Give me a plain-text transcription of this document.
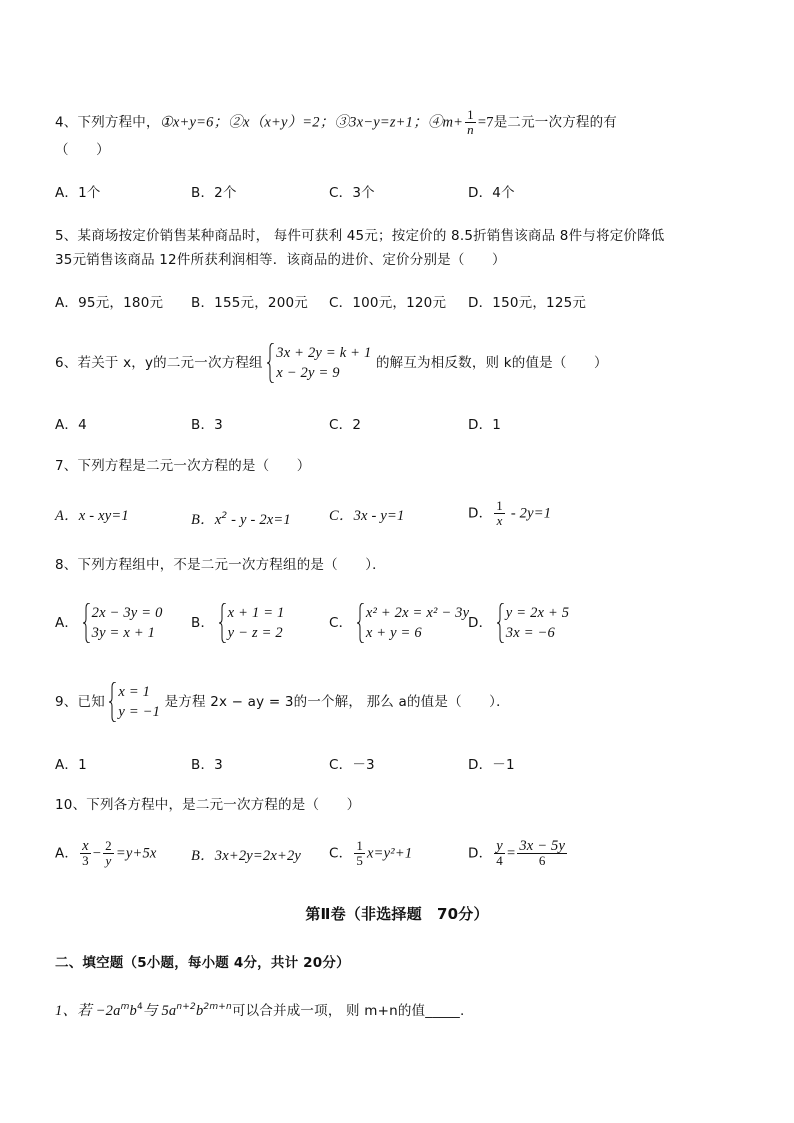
4、下列方程中，①x+y=6；②x（x+y）=2；③3x−y=z+1；④m+ $\frac{1}{n} =7$是二元一次方程的有
（　　）
A．1个	B．2个	C．3个	D．4个
5、某商场按定价销售某种商品时， 每件可获利 45元；按定价的 8.5折销售该商品 8件与将定价降低
35元销售该商品 12件所获利润相等．该商品的进价、定价分别是（　　）
A．95元，180元 B．155元，200元 C．100元，120元 D．150元，125元
6、若关于 x，y的二元一次方程组
3x + 2y = k + 1
x − 2y = 9
的解互为相反数，则 k的值是（　　）
A．4	B．3	C．2	D．1
7、下列方程是二元一次方程的是（　　）
A．x - xy=1	B．$x^2 - y - 2x=1$	C．3x - y=1	D． $\frac{1}{x} - 2y=1$
8、下列方程组中，不是二元一次方程组的是（　　）．
A．
2x − 3y = 0
3y = x + 1
B．
x + 1 = 1
y − z = 2
C．
x² + 2x = x² − 3y
x + y = 6
D．
y = 2x + 5
3x = −6
9、已知
x = 1
y = −1
是方程 2x − ay = 3的一个解， 那么 a的值是（　　）．
A．1	B．3	C．－3	D．－1
10、下列各方程中，是二元一次方程的是（　　）
A． $\frac{x}{3} - \frac{2}{y} =y+5x$ B．3x+2y=2x+2y C． $\frac{1}{5} x=y^2+1$	D． $\frac{y}{4} = \frac{3x - 5y}{6}$
第Ⅱ卷（非选择题　70分）
二、填空题（5小题，每小题 4分，共计 20分）
1、若 $-2a^mb^4$与 $5a^{n+2}b^{2m+n}$可以合并成一项， 则 m+n的值_____.
